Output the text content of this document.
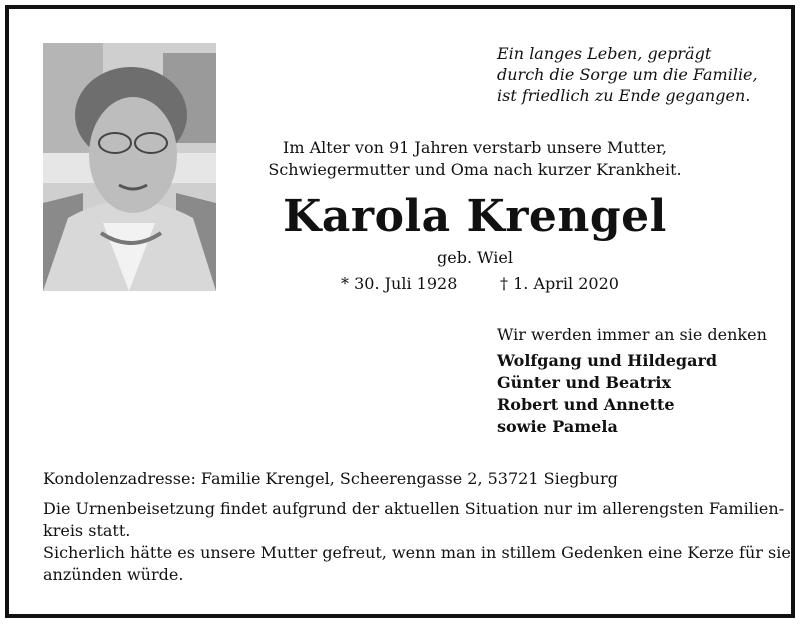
Ein langes Leben, geprägt
durch die Sorge um die Familie,
ist friedlich zu Ende gegangen.
Im Alter von 91 Jahren verstarb unsere Mutter,
Schwiegermutter und Oma nach kurzer Krankheit.
Karola Krengel
geb. Wiel
* 30. Juli 1928	† 1. April 2020
Wir werden immer an sie denken
Wolfgang und Hildegard
Günter und Beatrix
Robert und Annette
sowie Pamela
Kondolenzadresse: Familie Krengel, Scheerengasse 2, 53721 Siegburg
Die Urnenbeisetzung findet aufgrund der aktuellen Situation nur im allerengsten Familien-
kreis statt.
Sicherlich hätte es unsere Mutter gefreut, wenn man in stillem Gedenken eine Kerze für sie
anzünden würde.
